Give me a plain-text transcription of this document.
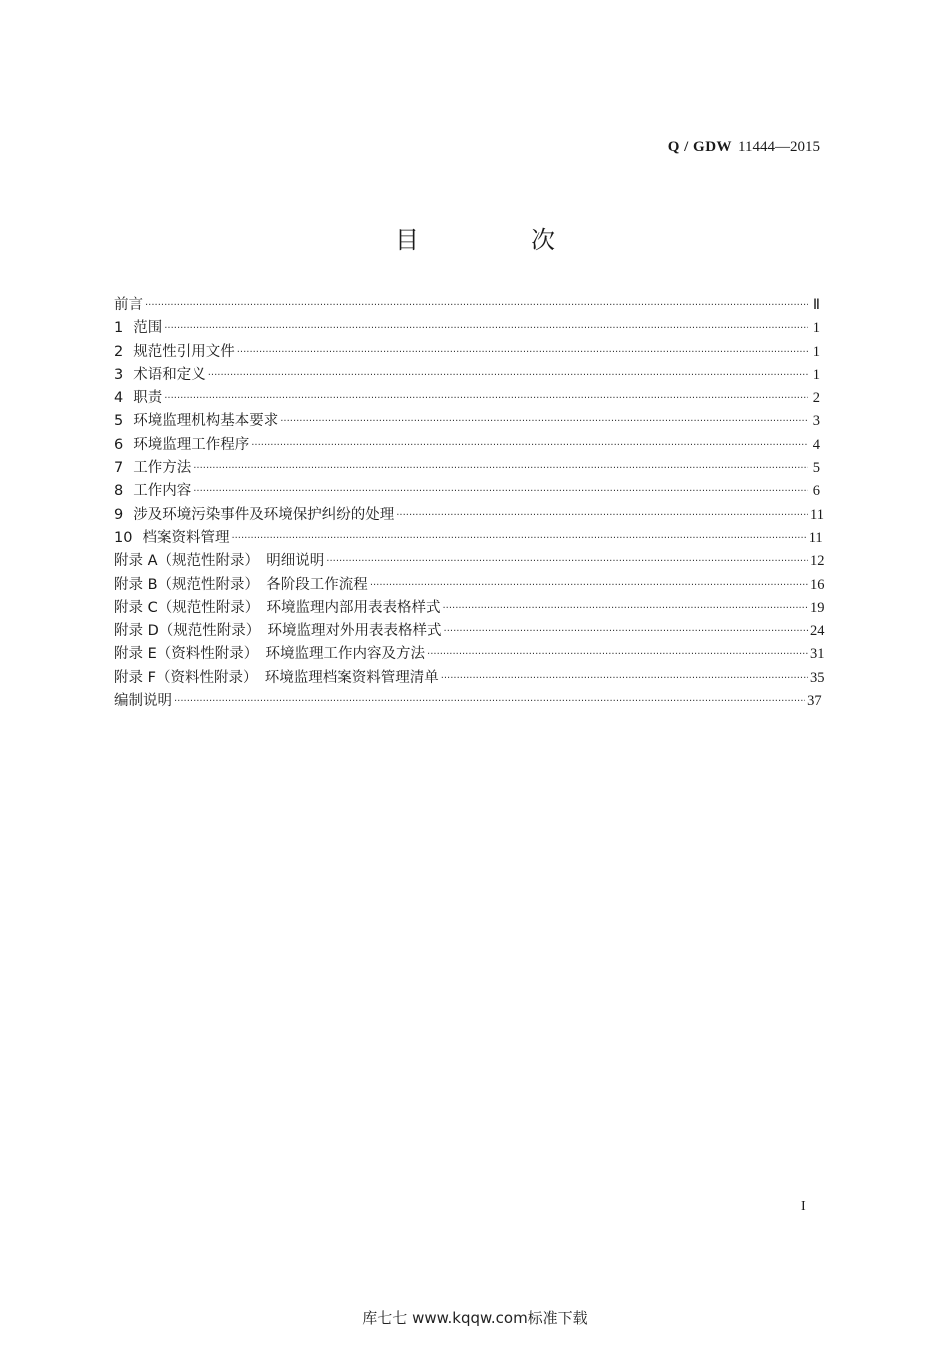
Q / GDW 11444—2015
目　次
前言 ·····	Ⅱ
1 范围 ·····	1
2 规范性引用文件 ·····	1
3 术语和定义 ·····	1
4 职责 ·····	2
5 环境监理机构基本要求 ·····	3
6 环境监理工作程序 ·····	4
7 工作方法 ·····	5
8 工作内容 ·····	6
9 涉及环境污染事件及环境保护纠纷的处理 ·····	11
10 档案资料管理 ·····	11
附录 A（规范性附录）　明细说明 ·····	12
附录 B（规范性附录）　各阶段工作流程 ·····	16
附录 C（规范性附录）　环境监理内部用表表格样式 ·····	19
附录 D（规范性附录）　环境监理对外用表表格样式 ·····	24
附录 E（资料性附录）　环境监理工作内容及方法 ·····	31
附录 F（资料性附录）　环境监理档案资料管理清单 ·····	35
编制说明 ·····	37
I
库七七 www.kqqw.com标准下载
